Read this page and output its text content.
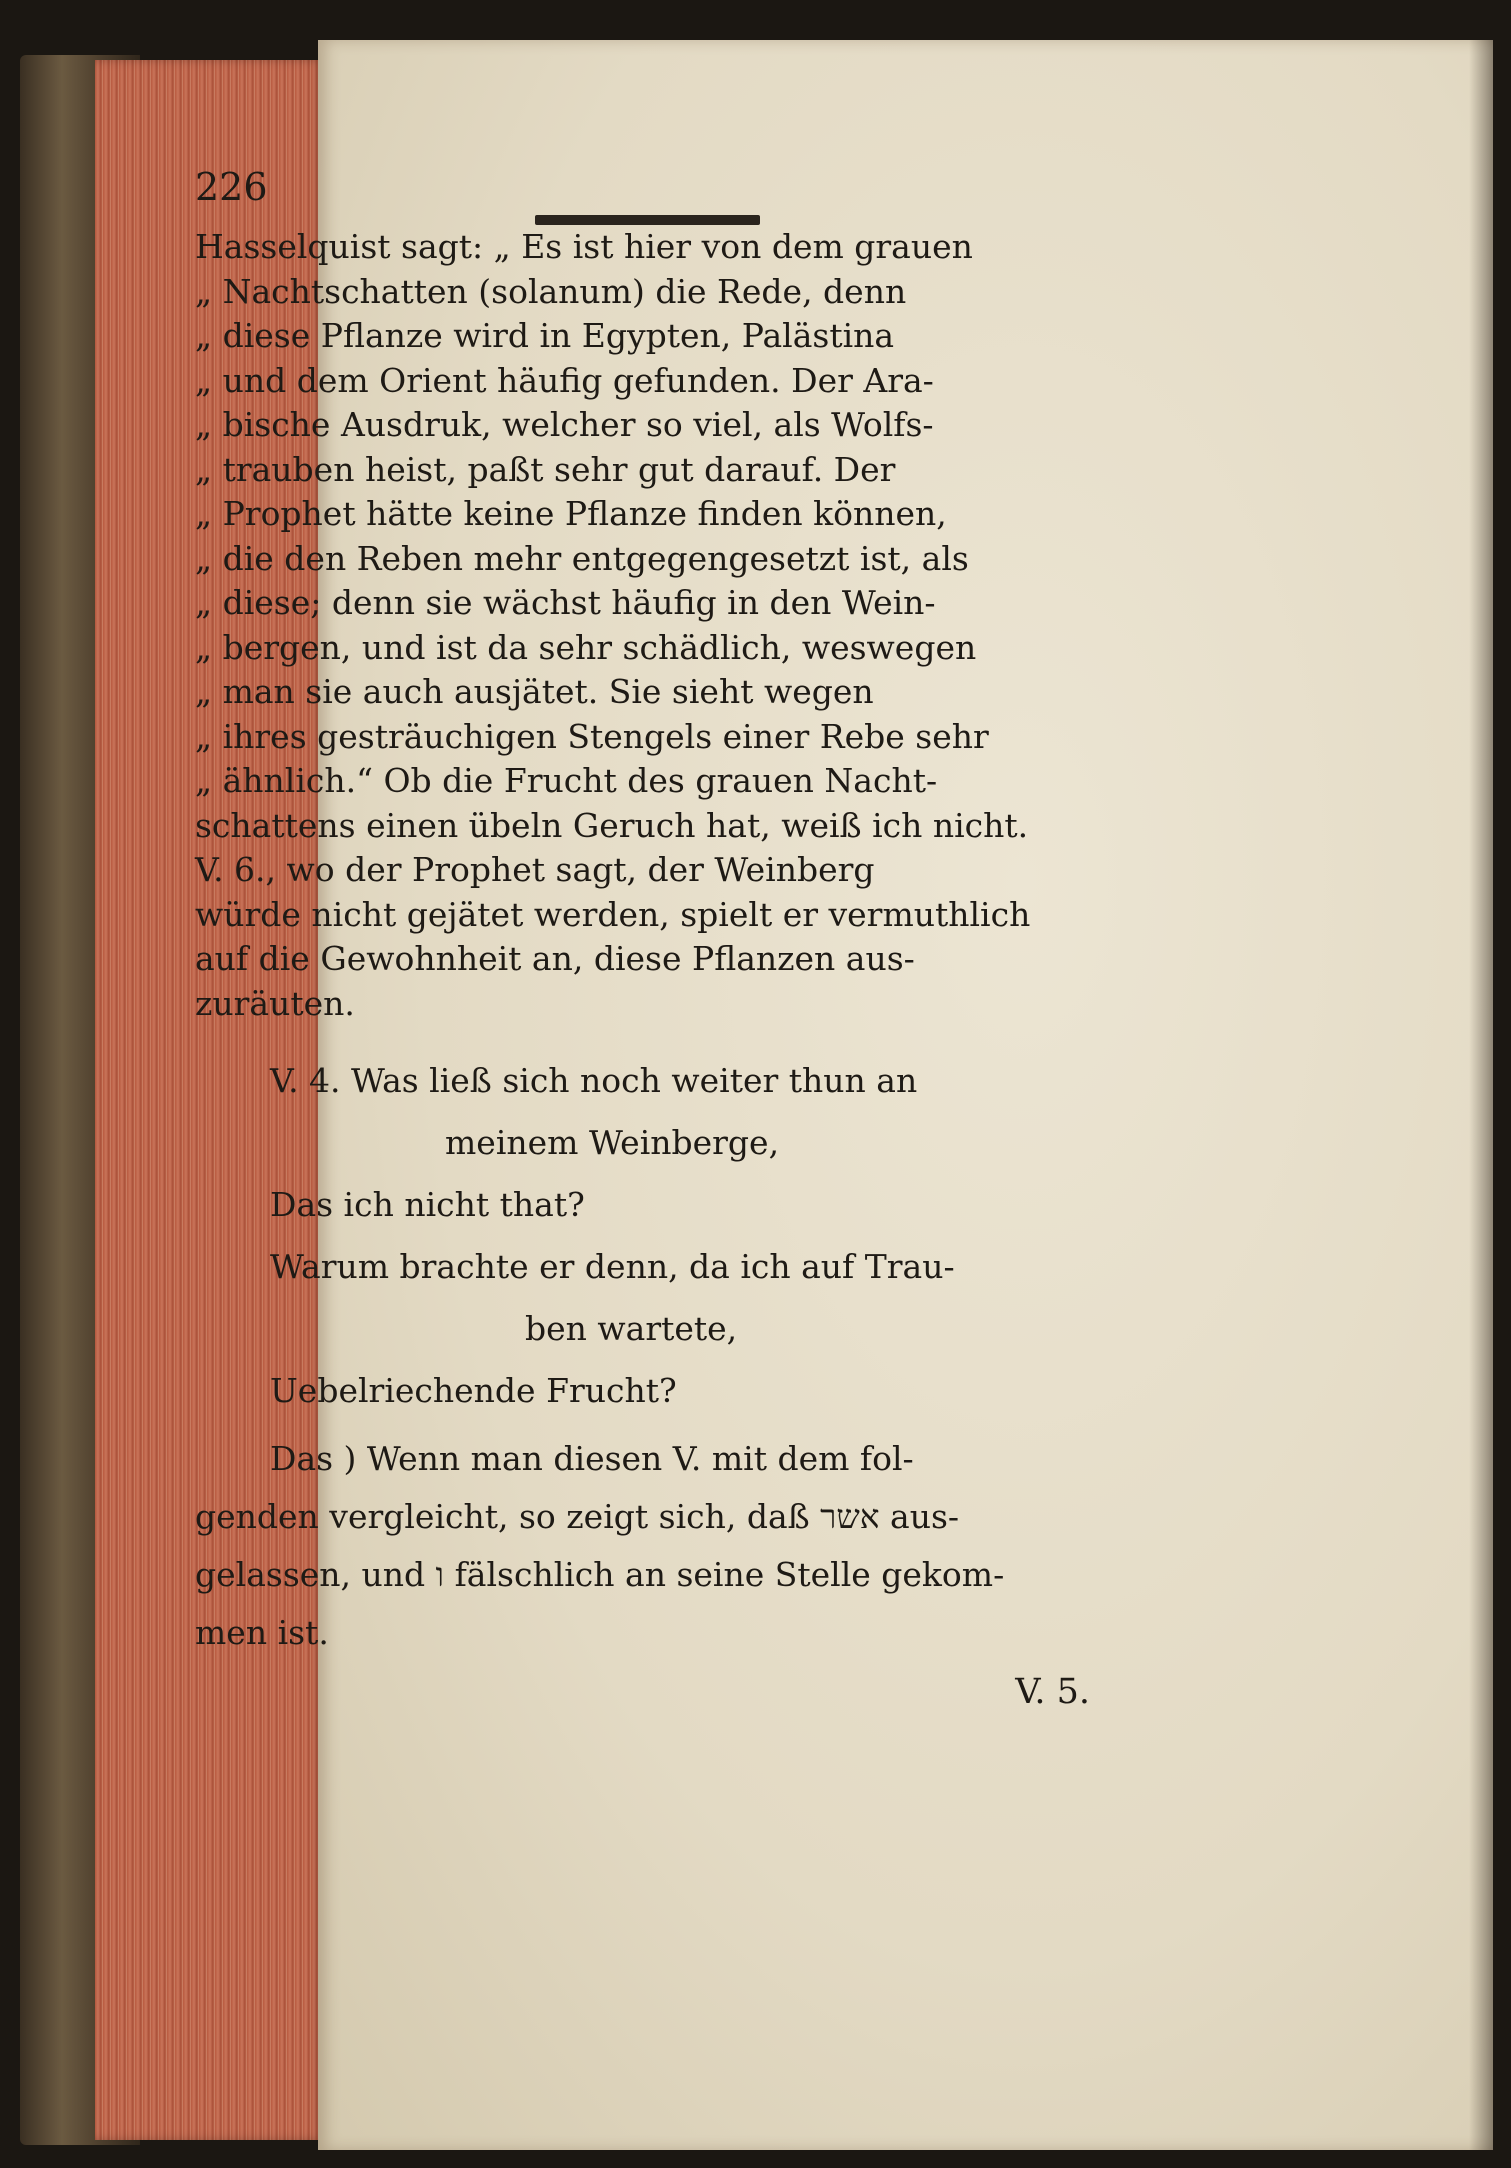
226
Hasselquist sagt: „ Es ist hier von dem grauen
„ Nachtschatten (solanum) die Rede, denn
„ diese Pflanze wird in Egypten, Palästina
„ und dem Orient häufig gefunden. Der Ara-
„ bische Ausdruk, welcher so viel, als Wolfs-
„ trauben heist, paßt sehr gut darauf. Der
„ Prophet hätte keine Pflanze finden können,
„ die den Reben mehr entgegengesetzt ist, als
„ diese; denn sie wächst häufig in den Wein-
„ bergen, und ist da sehr schädlich, weswegen
„ man sie auch ausjätet. Sie sieht wegen
„ ihres gesträuchigen Stengels einer Rebe sehr
„ ähnlich.“ Ob die Frucht des grauen Nacht-
schattens einen übeln Geruch hat, weiß ich nicht.
V. 6., wo der Prophet sagt, der Weinberg
würde nicht gejätet werden, spielt er vermuthlich
auf die Gewohnheit an, diese Pflanzen aus-
zuräuten.
V. 4. Was ließ sich noch weiter thun an
meinem Weinberge,
Das ich nicht that?
Warum brachte er denn, da ich auf Trau-
ben wartete,
Uebelriechende Frucht?
Das ) Wenn man diesen V. mit dem fol-
genden vergleicht, so zeigt sich, daß אשר aus-
gelassen, und ו fälschlich an seine Stelle gekom-
men ist.
V. 5.
